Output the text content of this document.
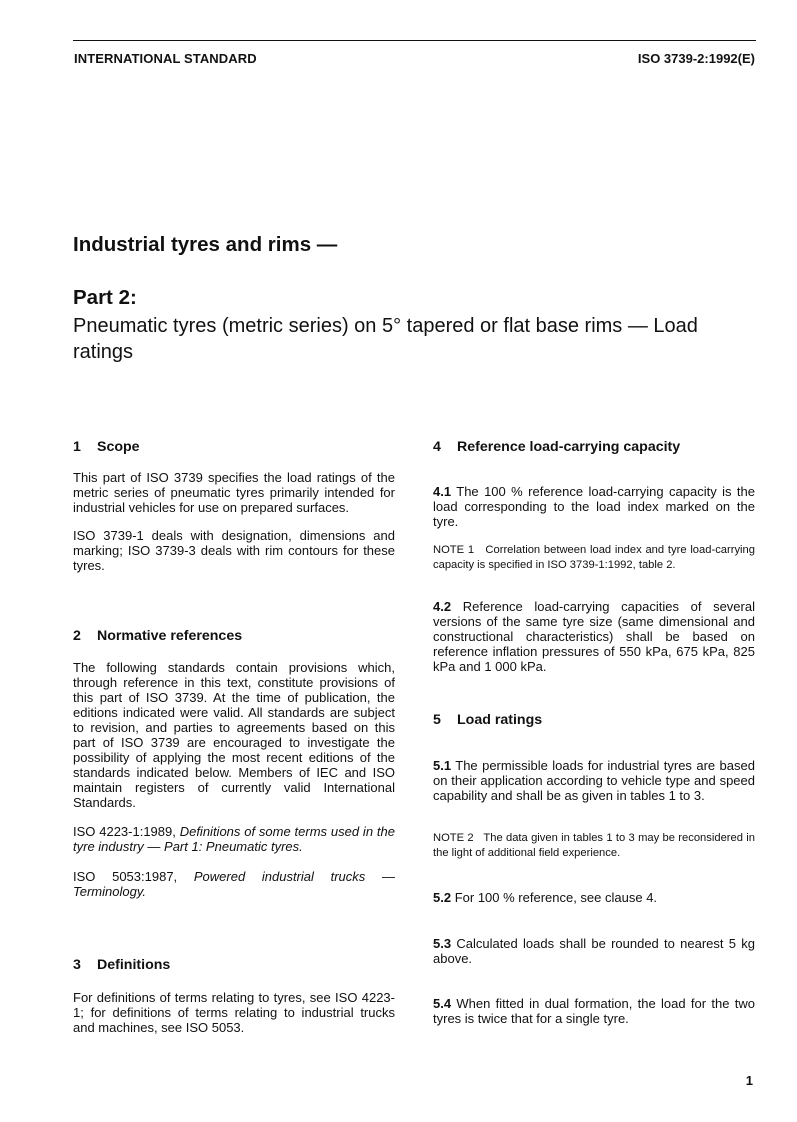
INTERNATIONAL STANDARD	ISO 3739-2:1992(E)
Industrial tyres and rims —
Part 2:
Pneumatic tyres (metric series) on 5° tapered or flat base rims — Load ratings
1 Scope
This part of ISO 3739 specifies the load ratings of the metric series of pneumatic tyres primarily intended for industrial vehicles for use on prepared surfaces.
ISO 3739-1 deals with designation, dimensions and marking; ISO 3739-3 deals with rim contours for these tyres.
2 Normative references
The following standards contain provisions which, through reference in this text, constitute provisions of this part of ISO 3739. At the time of publication, the editions indicated were valid. All standards are subject to revision, and parties to agreements based on this part of ISO 3739 are encouraged to investigate the possibility of applying the most recent editions of the standards indicated below. Members of IEC and ISO maintain registers of currently valid International Standards.
ISO 4223-1:1989, Definitions of some terms used in the tyre industry — Part 1: Pneumatic tyres.
ISO 5053:1987, Powered industrial trucks — Terminology.
3 Definitions
For definitions of terms relating to tyres, see ISO 4223-1; for definitions of terms relating to industrial trucks and machines, see ISO 5053.
4 Reference load-carrying capacity
4.1 The 100 % reference load-carrying capacity is the load corresponding to the load index marked on the tyre.
NOTE 1 Correlation between load index and tyre load-carrying capacity is specified in ISO 3739-1:1992, table 2.
4.2 Reference load-carrying capacities of several versions of the same tyre size (same dimensional and constructional characteristics) shall be based on reference inflation pressures of 550 kPa, 675 kPa, 825 kPa and 1 000 kPa.
5 Load ratings
5.1 The permissible loads for industrial tyres are based on their application according to vehicle type and speed capability and shall be as given in tables 1 to 3.
NOTE 2 The data given in tables 1 to 3 may be reconsidered in the light of additional field experience.
5.2 For 100 % reference, see clause 4.
5.3 Calculated loads shall be rounded to nearest 5 kg above.
5.4 When fitted in dual formation, the load for the two tyres is twice that for a single tyre.
1
